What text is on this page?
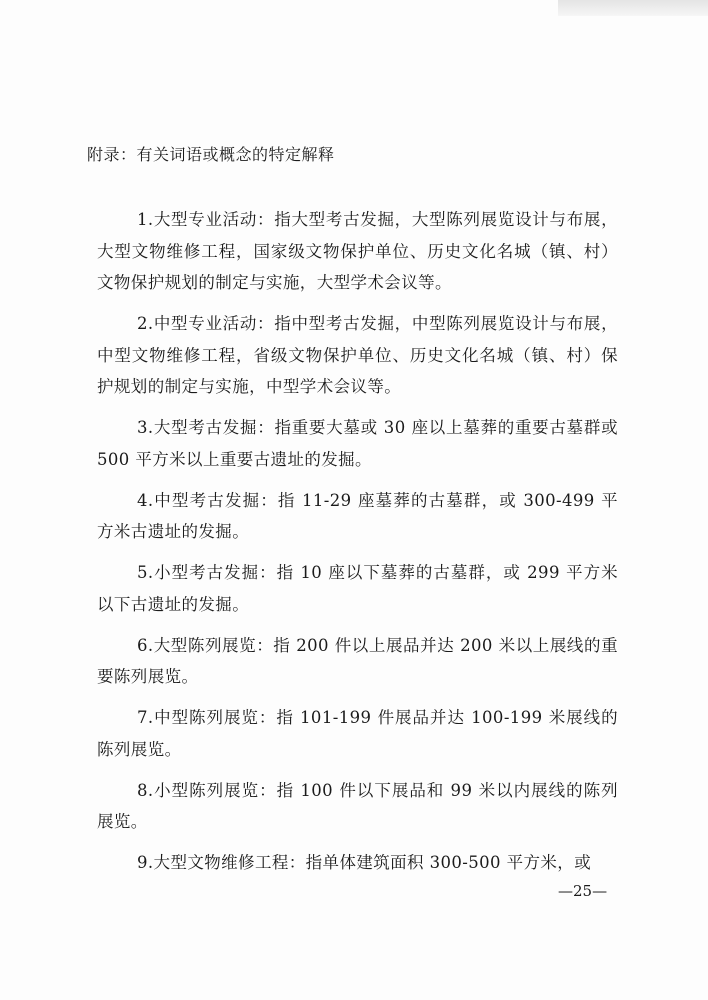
附录：有关词语或概念的特定解释

1.大型专业活动：指大型考古发掘，大型陈列展览设计与布展，大型文物维修工程，国家级文物保护单位、历史文化名城（镇、村）文物保护规划的制定与实施，大型学术会议等。

2.中型专业活动：指中型考古发掘，中型陈列展览设计与布展，中型文物维修工程，省级文物保护单位、历史文化名城（镇、村）保护规划的制定与实施，中型学术会议等。

3.大型考古发掘：指重要大墓或 30 座以上墓葬的重要古墓群或 500 平方米以上重要古遗址的发掘。

4.中型考古发掘：指 11-29 座墓葬的古墓群，或 300-499 平方米古遗址的发掘。

5.小型考古发掘：指 10 座以下墓葬的古墓群，或 299 平方米以下古遗址的发掘。

6.大型陈列展览：指 200 件以上展品并达 200 米以上展线的重要陈列展览。

7.中型陈列展览：指 101-199 件展品并达 100-199 米展线的陈列展览。

8.小型陈列展览：指 100 件以下展品和 99 米以内展线的陈列展览。

9.大型文物维修工程：指单体建筑面积 300-500 平方米，或

—25—
